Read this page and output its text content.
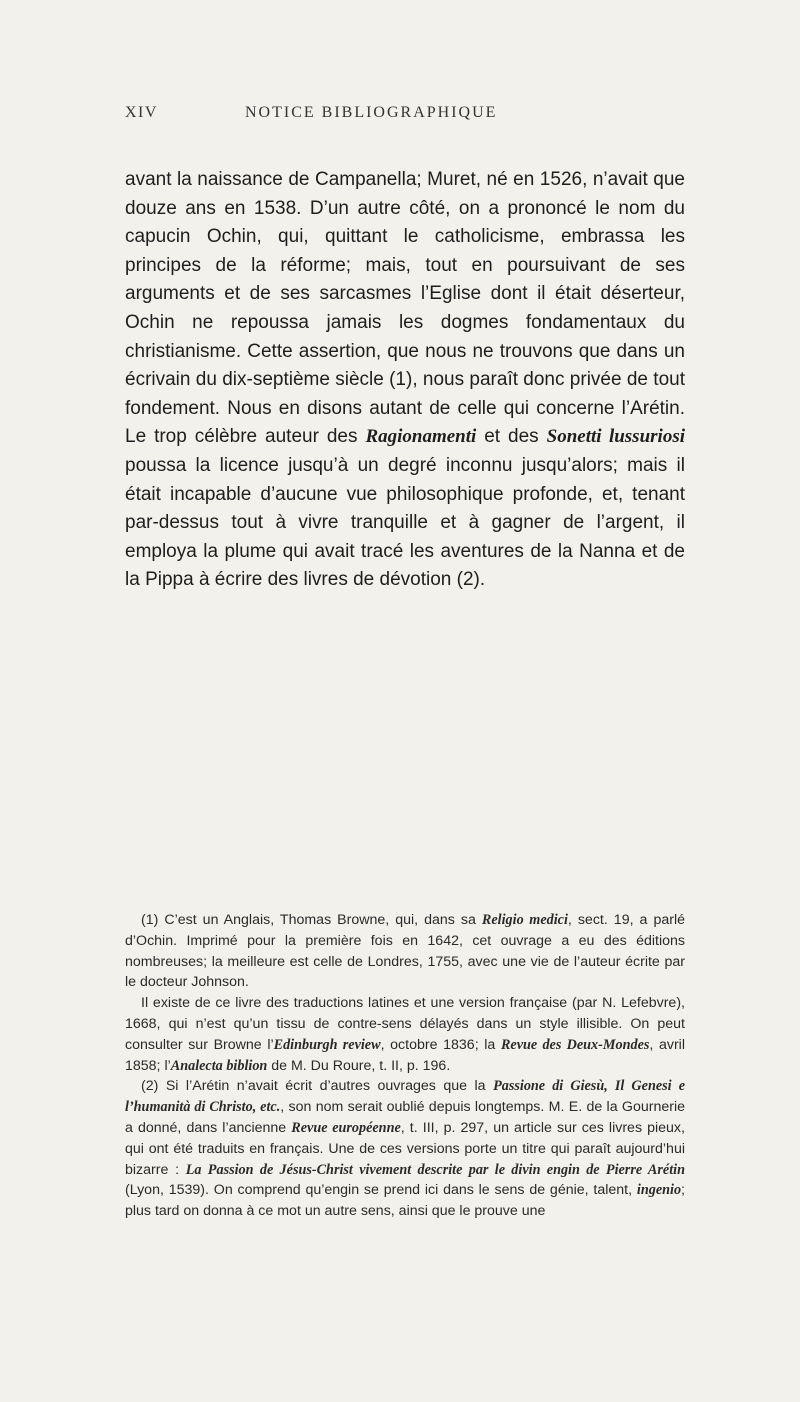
XIV	NOTICE BIBLIOGRAPHIQUE

avant la naissance de Campanella; Muret, né en 1526, n’avait que douze ans en 1538. D’un autre côté, on a prononcé le nom du capucin Ochin, qui, quittant le catholicisme, embrassa les principes de la réforme; mais, tout en poursuivant de ses arguments et de ses sarcasmes l’Eglise dont il était déserteur, Ochin ne repoussa jamais les dogmes fondamentaux du christianisme. Cette assertion, que nous ne trouvons que dans un écrivain du dix-septième siècle (1), nous paraît donc privée de tout fondement. Nous en disons autant de celle qui concerne l’Arétin. Le trop célèbre auteur des Ragionamenti et des Sonetti lussuriosi poussa la licence jusqu’à un degré inconnu jusqu’alors; mais il était incapable d’aucune vue philosophique profonde, et, tenant par-dessus tout à vivre tranquille et à gagner de l’argent, il employa la plume qui avait tracé les aventures de la Nanna et de la Pippa à écrire des livres de dévotion (2).

(1) C’est un Anglais, Thomas Browne, qui, dans sa Religio medici, sect. 19, a parlé d’Ochin. Imprimé pour la première fois en 1642, cet ouvrage a eu des éditions nombreuses; la meilleure est celle de Londres, 1755, avec une vie de l’auteur écrite par le docteur Johnson.

Il existe de ce livre des traductions latines et une version française (par N. Lefebvre), 1668, qui n’est qu’un tissu de contre-sens délayés dans un style illisible. On peut consulter sur Browne l’Edinburgh review, octobre 1836; la Revue des Deux-Mondes, avril 1858; l’Analecta biblion de M. Du Roure, t. II, p. 196.

(2) Si l’Arétin n’avait écrit d’autres ouvrages que la Passione di Giesù, Il Genesi e l’humanità di Christo, etc., son nom serait oublié depuis longtemps. M. E. de la Gournerie a donné, dans l’ancienne Revue européenne, t. III, p. 297, un article sur ces livres pieux, qui ont été traduits en français. Une de ces versions porte un titre qui paraît aujourd’hui bizarre : La Passion de Jésus-Christ vivement descrite par le divin engin de Pierre Arétin (Lyon, 1539). On comprend qu’engin se prend ici dans le sens de génie, talent, ingenio; plus tard on donna à ce mot un autre sens, ainsi que le prouve une
